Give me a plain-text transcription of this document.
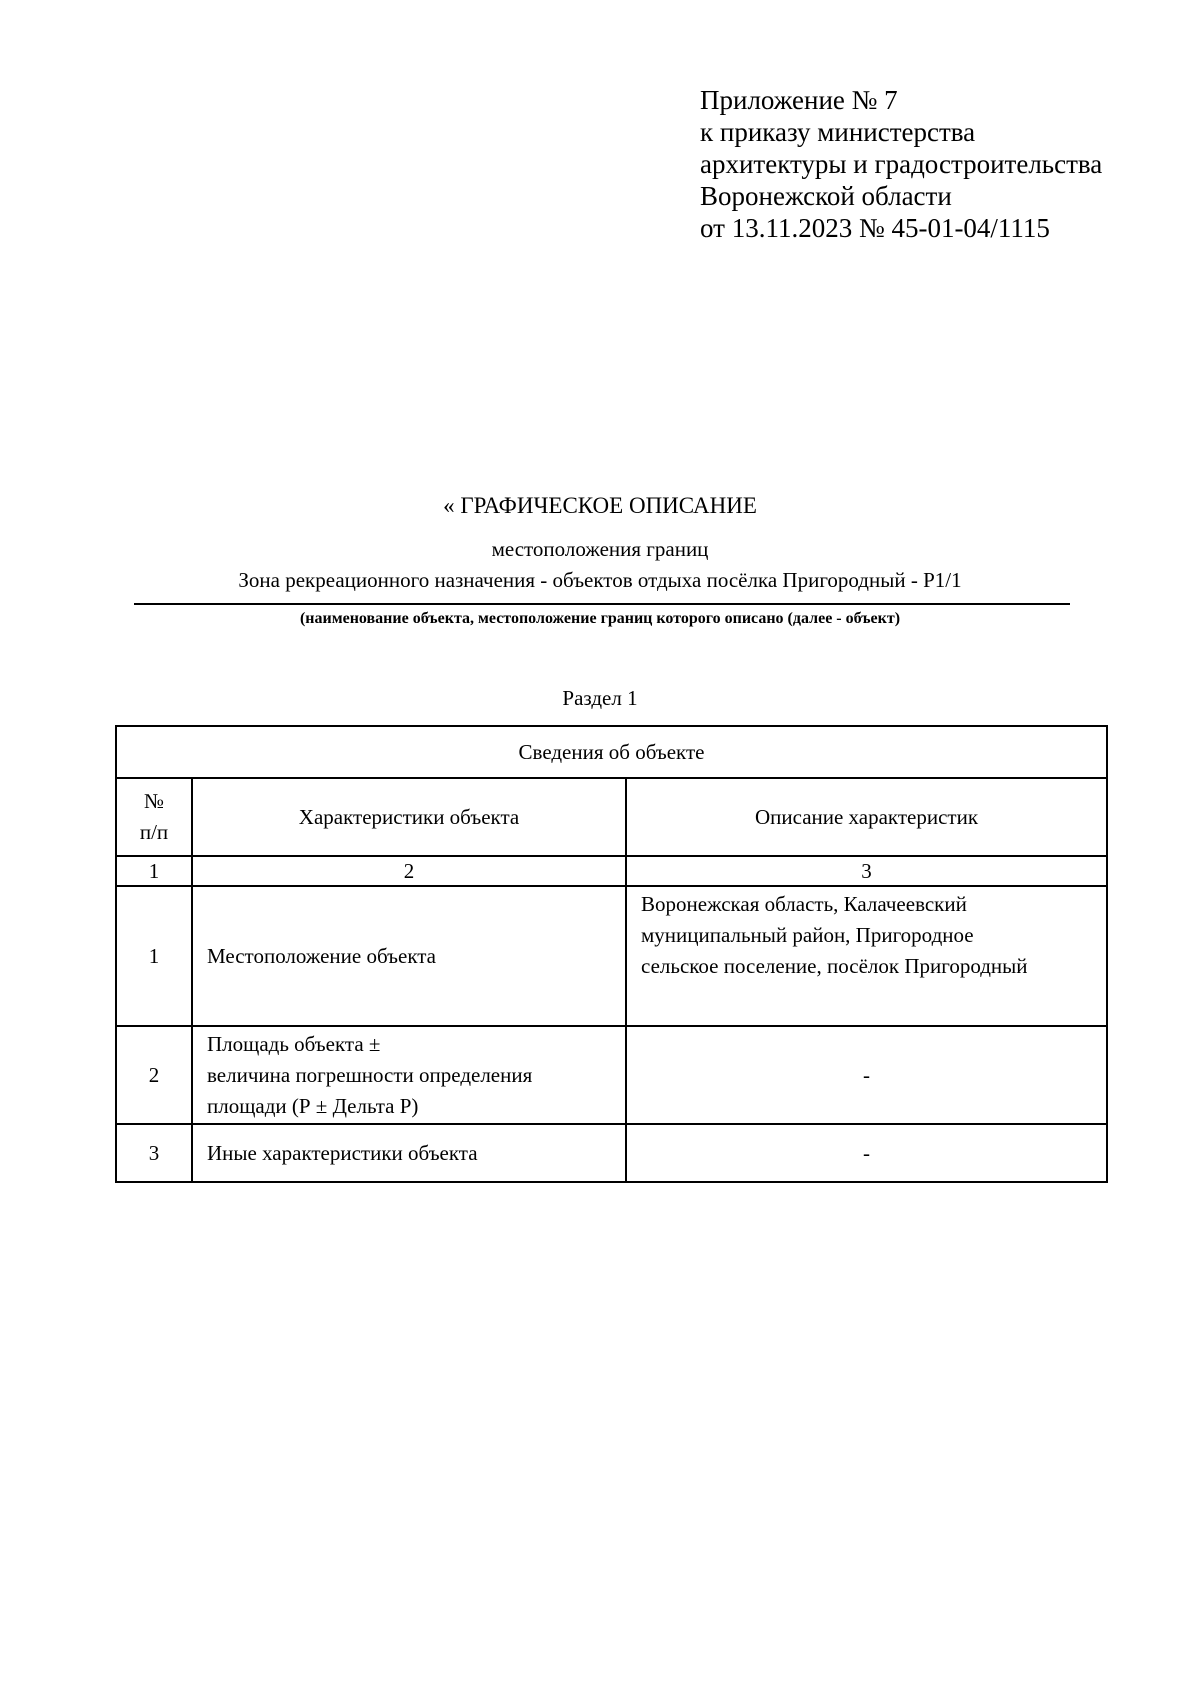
Приложение № 7
к приказу министерства
архитектуры и градостроительства
Воронежской области
от 13.11.2023 № 45-01-04/1115
« ГРАФИЧЕСКОЕ ОПИСАНИЕ
местоположения границ
Зона рекреационного назначения - объектов отдыха посёлка Пригородный - Р1/1
(наименование объекта, местоположение границ которого описано (далее - объект)
Раздел 1
Сведения об объекте		

№
п/п	Характеристики объекта	Описание характеристик
1	2	3
1	Местоположение объекта	Воронежская область, Калачеевский
муниципальный район, Пригородное
сельское поселение, посёлок Пригородный

2	Площадь объекта ±
величина погрешности определения
площади (Р ± Дельта Р)	-
3	Иные характеристики объекта	-
